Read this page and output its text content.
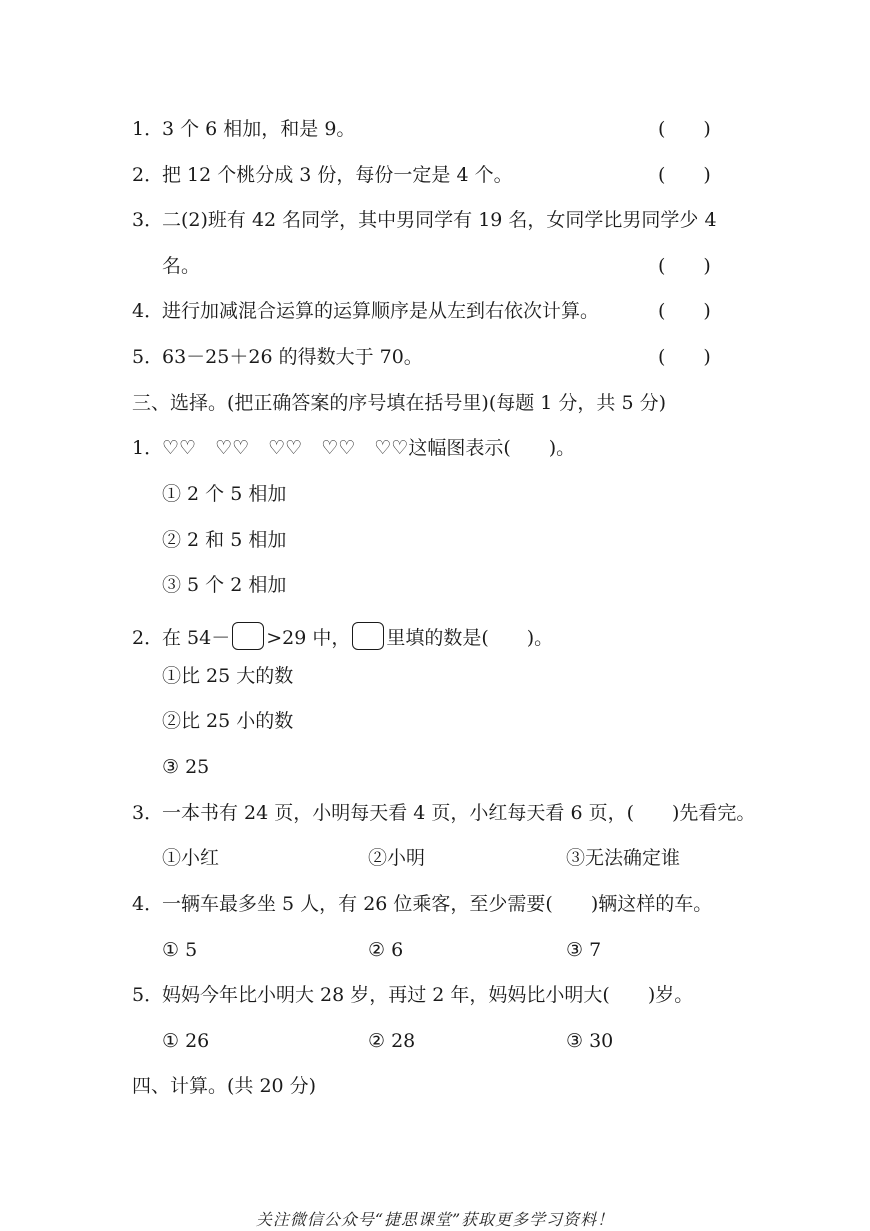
1．3 个 6 相加，和是 9。	(　　)
2．把 12 个桃分成 3 份，每份一定是 4 个。	(　　)
3．二(2)班有 42 名同学，其中男同学有 19 名，女同学比男同学少 4
名。	(　　)
4．进行加减混合运算的运算顺序是从左到右依次计算。	(　　)
5．63－25＋26 的得数大于 70。	(　　)
三、选择。(把正确答案的序号填在括号里)(每题 1 分，共 5 分)
1．♡♡　♡♡　♡♡　♡♡　♡♡这幅图表示(　　)。
① 2 个 5 相加
② 2 和 5 相加
③ 5 个 2 相加
2．在 54－ >29 中， 里填的数是(　　)。
①比 25 大的数
②比 25 小的数
③ 25
3．一本书有 24 页，小明每天看 4 页，小红每天看 6 页，(　　)先看完。
①小红	②小明	③无法确定谁
4．一辆车最多坐 5 人，有 26 位乘客，至少需要(　　)辆这样的车。
① 5	② 6	③ 7
5．妈妈今年比小明大 28 岁，再过 2 年，妈妈比小明大(　　)岁。
① 26	② 28	③ 30
四、计算。(共 20 分)
关注微信公众号“捷思课堂”获取更多学习资料！
